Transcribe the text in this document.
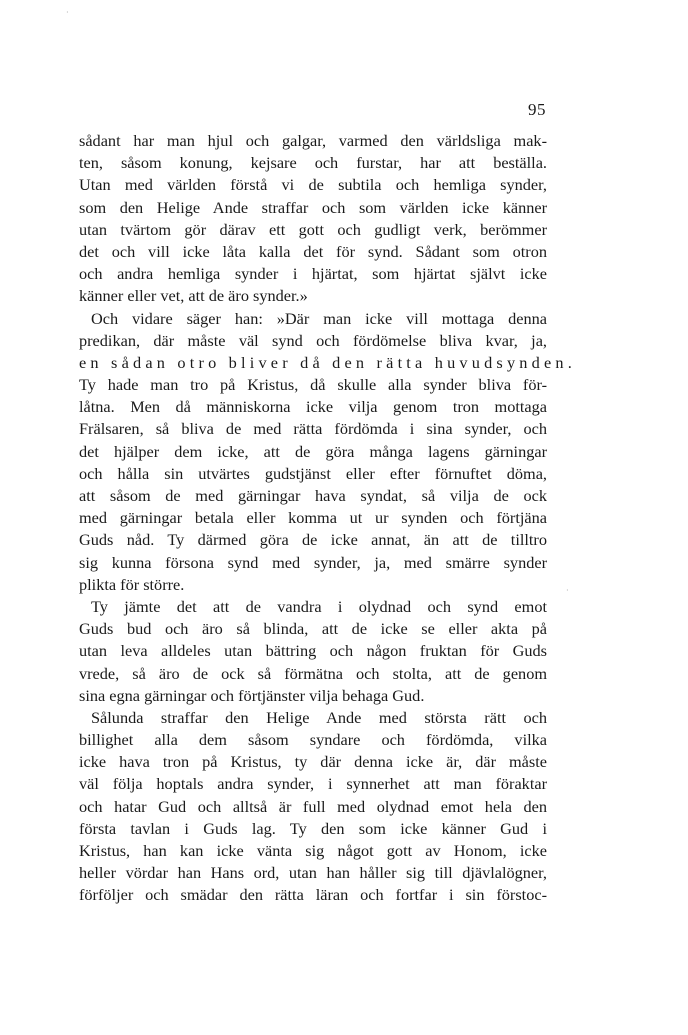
·
·
95
sådant har man hjul och galgar, varmed den världsliga mak-
ten, såsom konung, kejsare och furstar, har att beställa.
Utan med världen förstå vi de subtila och hemliga synder,
som den Helige Ande straffar och som världen icke känner
utan tvärtom gör därav ett gott och gudligt verk, berömmer
det och vill icke låta kalla det för synd. Sådant som otron
och andra hemliga synder i hjärtat, som hjärtat självt icke
känner eller vet, att de äro synder.»
Och vidare säger han: »Där man icke vill mottaga denna
predikan, där måste väl synd och fördömelse bliva kvar, ja,
en sådan otro bliver då den rätta huvudsynden.
Ty hade man tro på Kristus, då skulle alla synder bliva för-
låtna. Men då människorna icke vilja genom tron mottaga
Frälsaren, så bliva de med rätta fördömda i sina synder, och
det hjälper dem icke, att de göra många lagens gärningar
och hålla sin utvärtes gudstjänst eller efter förnuftet döma,
att såsom de med gärningar hava syndat, så vilja de ock
med gärningar betala eller komma ut ur synden och förtjäna
Guds nåd. Ty därmed göra de icke annat, än att de tilltro
sig kunna försona synd med synder, ja, med smärre synder
plikta för större.
Ty jämte det att de vandra i olydnad och synd emot
Guds bud och äro så blinda, att de icke se eller akta på
utan leva alldeles utan bättring och någon fruktan för Guds
vrede, så äro de ock så förmätna och stolta, att de genom
sina egna gärningar och förtjänster vilja behaga Gud.
Sålunda straffar den Helige Ande med största rätt och
billighet alla dem såsom syndare och fördömda, vilka
icke hava tron på Kristus, ty där denna icke är, där måste
väl följa hoptals andra synder, i synnerhet att man föraktar
och hatar Gud och alltså är full med olydnad emot hela den
första tavlan i Guds lag. Ty den som icke känner Gud i
Kristus, han kan icke vänta sig något gott av Honom, icke
heller vördar han Hans ord, utan han håller sig till djävlalögner,
förföljer och smädar den rätta läran och fortfar i sin förstoc-
